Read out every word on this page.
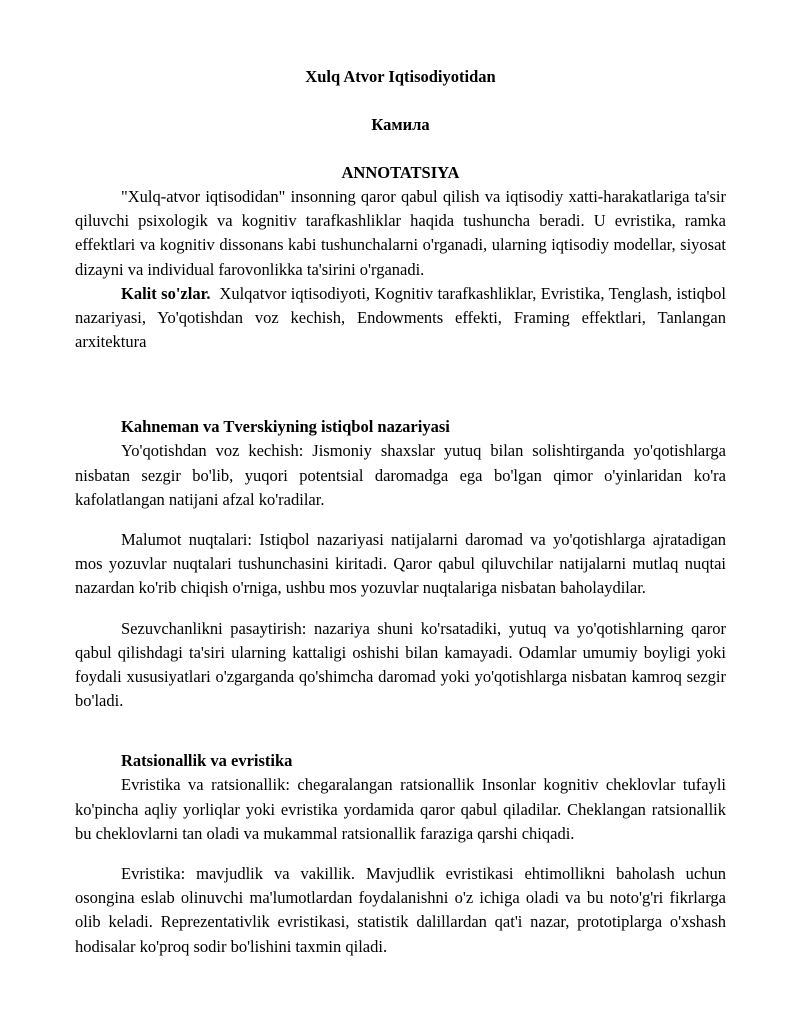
Xulq Atvor Iqtisodiyotidan

Камила

ANNOTATSIYA

"Xulq-atvor iqtisodidan" insonning qaror qabul qilish va iqtisodiy xatti-harakatlariga ta'sir qiluvchi psixologik va kognitiv tarafkashliklar haqida tushuncha beradi. U evristika, ramka effektlari va kognitiv dissonans kabi tushunchalarni o'rganadi, ularning iqtisodiy modellar, siyosat dizayni va individual farovonlikka ta'sirini o'rganadi.

Kalit so'zlar. Xulqatvor iqtisodiyoti, Kognitiv tarafkashliklar, Evristika, Tenglash, istiqbol nazariyasi, Yo'qotishdan voz kechish, Endowments effekti, Framing effektlari, Tanlangan arxitektura

Kahneman va Tverskiyning istiqbol nazariyasi

Yo'qotishdan voz kechish: Jismoniy shaxslar yutuq bilan solishtirganda yo'qotishlarga nisbatan sezgir bo'lib, yuqori potentsial daromadga ega bo'lgan qimor o'yinlaridan ko'ra kafolatlangan natijani afzal ko'radilar.

Malumot nuqtalari: Istiqbol nazariyasi natijalarni daromad va yo'qotishlarga ajratadigan mos yozuvlar nuqtalari tushunchasini kiritadi. Qaror qabul qiluvchilar natijalarni mutlaq nuqtai nazardan ko'rib chiqish o'rniga, ushbu mos yozuvlar nuqtalariga nisbatan baholaydilar.

Sezuvchanlikni pasaytirish: nazariya shuni ko'rsatadiki, yutuq va yo'qotishlarning qaror qabul qilishdagi ta'siri ularning kattaligi oshishi bilan kamayadi. Odamlar umumiy boyligi yoki foydali xususiyatlari o'zgarganda qo'shimcha daromad yoki yo'qotishlarga nisbatan kamroq sezgir bo'ladi.

Ratsionallik va evristika

Evristika va ratsionallik: chegaralangan ratsionallik Insonlar kognitiv cheklovlar tufayli ko'pincha aqliy yorliqlar yoki evristika yordamida qaror qabul qiladilar. Cheklangan ratsionallik bu cheklovlarni tan oladi va mukammal ratsionallik faraziga qarshi chiqadi.

Evristika: mavjudlik va vakillik. Mavjudlik evristikasi ehtimollikni baholash uchun osongina eslab olinuvchi ma'lumotlardan foydalanishni o'z ichiga oladi va bu noto'g'ri fikrlarga olib keladi. Reprezentativlik evristikasi, statistik dalillardan qat'i nazar, prototiplarga o'xshash hodisalar ko'proq sodir bo'lishini taxmin qiladi.
